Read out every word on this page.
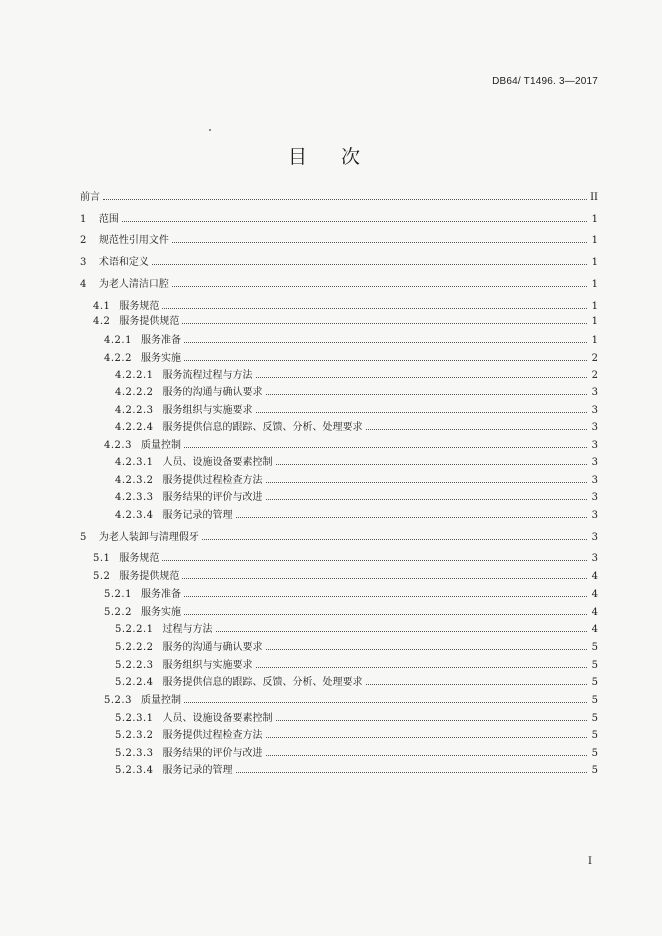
DB64/ T1496. 3—2017
目 次
前言	II
1 范围	1
2 规范性引用文件	1
3 术语和定义	1
4 为老人清洁口腔	1
4.1 服务规范	1
4.2 服务提供规范	1
4.2.1 服务准备	1
4.2.2 服务实施	2
4.2.2.1 服务流程过程与方法	2
4.2.2.2 服务的沟通与确认要求	3
4.2.2.3 服务组织与实施要求	3
4.2.2.4 服务提供信息的跟踪、反馈、分析、处理要求	3
4.2.3 质量控制	3
4.2.3.1 人员、设施设备要素控制	3
4.2.3.2 服务提供过程检查方法	3
4.2.3.3 服务结果的评价与改进	3
4.2.3.4 服务记录的管理	3
5 为老人装卸与清理假牙	3
5.1 服务规范	3
5.2 服务提供规范	4
5.2.1 服务准备	4
5.2.2 服务实施	4
5.2.2.1 过程与方法	4
5.2.2.2 服务的沟通与确认要求	5
5.2.2.3 服务组织与实施要求	5
5.2.2.4 服务提供信息的跟踪、反馈、分析、处理要求	5
5.2.3 质量控制	5
5.2.3.1 人员、设施设备要素控制	5
5.2.3.2 服务提供过程检查方法	5
5.2.3.3 服务结果的评价与改进	5
5.2.3.4 服务记录的管理	5
I
